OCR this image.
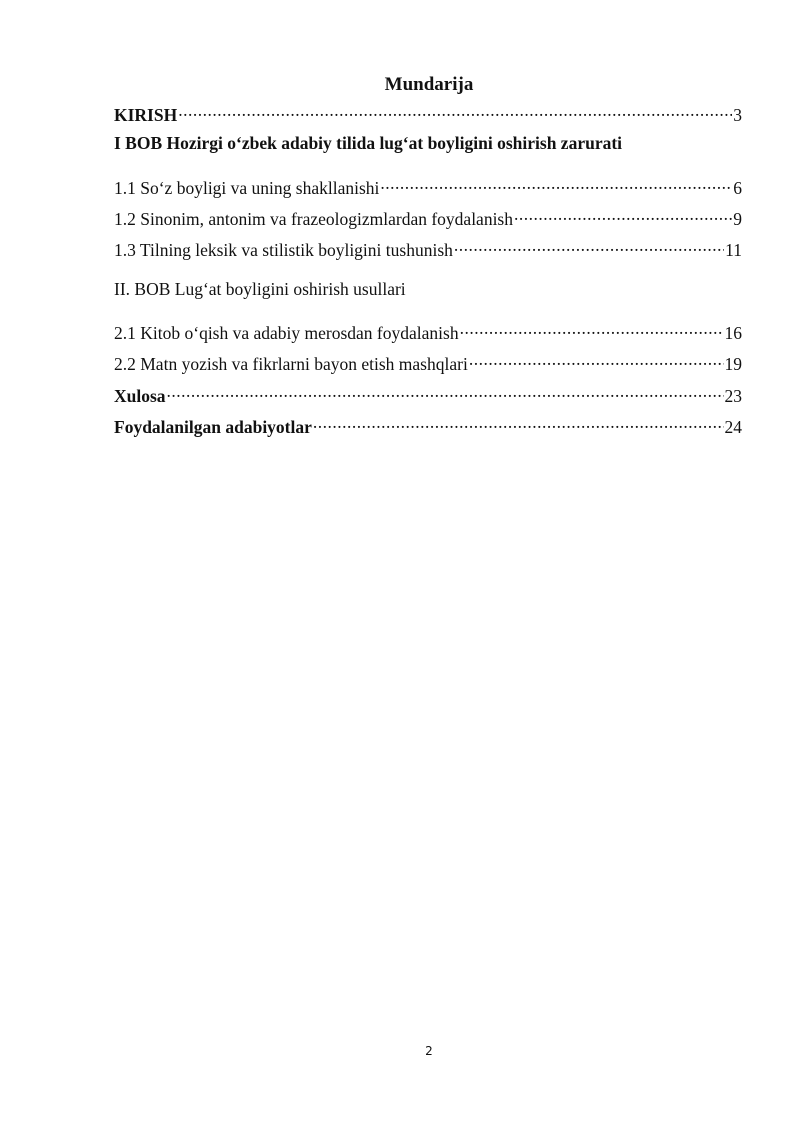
Mundarija
KIRISH .....	3
I BOB Hozirgi o‘zbek adabiy tilida lug‘at boyligini oshirish zarurati
1.1 So‘z boyligi va uning shakllanishi .....	6
1.2 Sinonim, antonim va frazeologizmlardan foydalanish .....	9
1.3 Tilning leksik va stilistik boyligini tushunish .....	11
II. BOB Lug‘at boyligini oshirish usullari
2.1 Kitob o‘qish va adabiy merosdan foydalanish .....	16
2.2 Matn yozish va fikrlarni bayon etish mashqlari .....	19
Xulosa .....	23
Foydalanilgan adabiyotlar .....	24
2
